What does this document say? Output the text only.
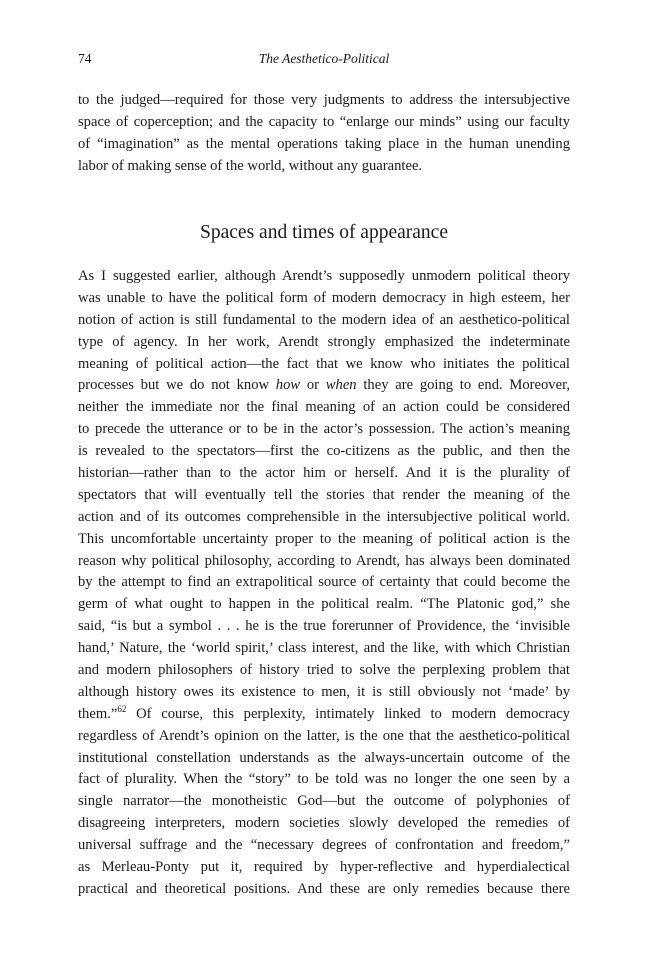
74	The Aesthetico-Political
to the judged—required for those very judgments to address the intersubjective
space of coperception; and the capacity to “enlarge our minds” using our faculty
of “imagination” as the mental operations taking place in the human unending
labor of making sense of the world, without any guarantee.
Spaces and times of appearance
As I suggested earlier, although Arendt’s supposedly unmodern political theory
was unable to have the political form of modern democracy in high esteem, her
notion of action is still fundamental to the modern idea of an aesthetico-political
type of agency. In her work, Arendt strongly emphasized the indeterminate
meaning of political action—the fact that we know who initiates the political
processes but we do not know how or when they are going to end. Moreover,
neither the immediate nor the final meaning of an action could be considered
to precede the utterance or to be in the actor’s possession. The action’s meaning
is revealed to the spectators—first the co-citizens as the public, and then the
historian—rather than to the actor him or herself. And it is the plurality of
spectators that will eventually tell the stories that render the meaning of the
action and of its outcomes comprehensible in the intersubjective political world.
This uncomfortable uncertainty proper to the meaning of political action is the
reason why political philosophy, according to Arendt, has always been dominated
by the attempt to find an extrapolitical source of certainty that could become the
germ of what ought to happen in the political realm. “The Platonic god,” she
said, “is but a symbol . . . he is the true forerunner of Providence, the ‘invisible
hand,’ Nature, the ‘world spirit,’ class interest, and the like, with which Christian
and modern philosophers of history tried to solve the perplexing problem that
although history owes its existence to men, it is still obviously not ‘made’ by
them.”$^{62}$ Of course, this perplexity, intimately linked to modern democracy
regardless of Arendt’s opinion on the latter, is the one that the aesthetico-political
institutional constellation understands as the always-uncertain outcome of the
fact of plurality. When the “story” to be told was no longer the one seen by a
single narrator—the monotheistic God—but the outcome of polyphonies of
disagreeing interpreters, modern societies slowly developed the remedies of
universal suffrage and the “necessary degrees of confrontation and freedom,”
as Merleau-Ponty put it, required by hyper-reflective and hyperdialectical
practical and theoretical positions. And these are only remedies because there
